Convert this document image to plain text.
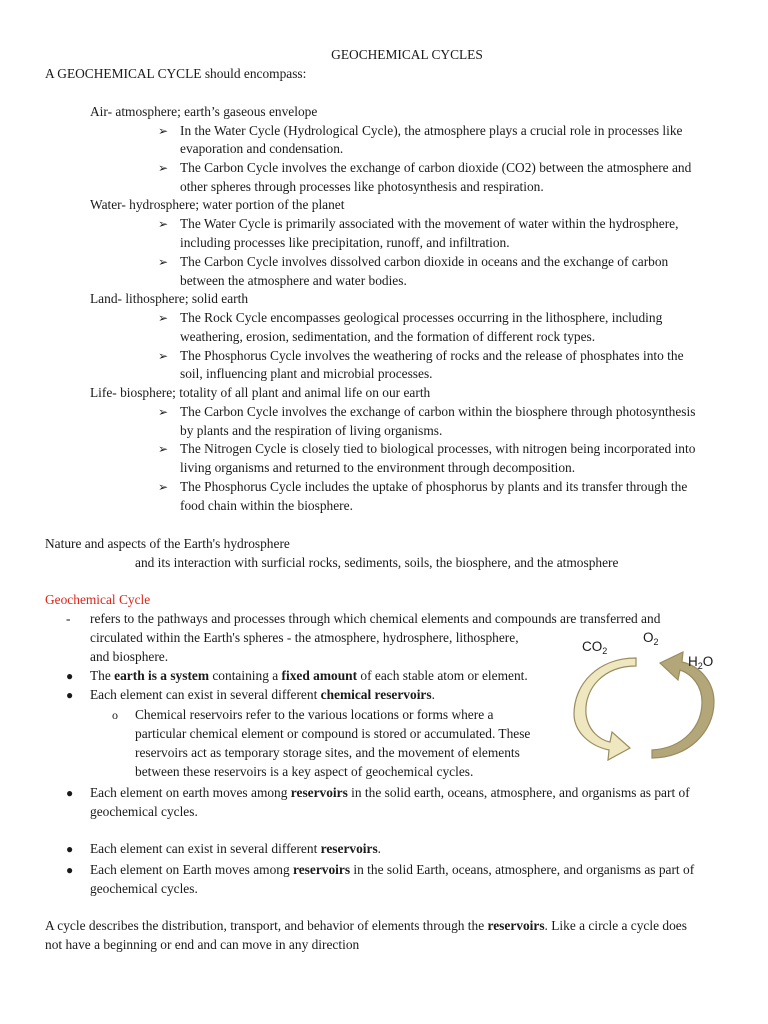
GEOCHEMICAL CYCLES
A GEOCHEMICAL CYCLE should encompass:
Air- atmosphere; earth’s gaseous envelope
➢ In the Water Cycle (Hydrological Cycle), the atmosphere plays a crucial role in processes like
evaporation and condensation.
➢ The Carbon Cycle involves the exchange of carbon dioxide (CO2) between the atmosphere and
other spheres through processes like photosynthesis and respiration.
Water- hydrosphere; water portion of the planet
➢ The Water Cycle is primarily associated with the movement of water within the hydrosphere,
including processes like precipitation, runoff, and infiltration.
➢ The Carbon Cycle involves dissolved carbon dioxide in oceans and the exchange of carbon
between the atmosphere and water bodies.
Land- lithosphere; solid earth
➢ The Rock Cycle encompasses geological processes occurring in the lithosphere, including
weathering, erosion, sedimentation, and the formation of different rock types.
➢ The Phosphorus Cycle involves the weathering of rocks and the release of phosphates into the
soil, influencing plant and microbial processes.
Life- biosphere; totality of all plant and animal life on our earth
➢ The Carbon Cycle involves the exchange of carbon within the biosphere through photosynthesis
by plants and the respiration of living organisms.
➢ The Nitrogen Cycle is closely tied to biological processes, with nitrogen being incorporated into
living organisms and returned to the environment through decomposition.
➢ The Phosphorus Cycle includes the uptake of phosphorus by plants and its transfer through the
food chain within the biosphere.
Nature and aspects of the Earth's hydrosphere
and its interaction with surficial rocks, sediments, soils, the biosphere, and the atmosphere
Geochemical Cycle
- refers to the pathways and processes through which chemical elements and compounds are transferred and
circulated within the Earth's spheres - the atmosphere, hydrosphere, lithosphere,
and biosphere.
● The earth is a system containing a fixed amount of each stable atom or element.
● Each element can exist in several different chemical reservoirs.
o Chemical reservoirs refer to the various locations or forms where a
particular chemical element or compound is stored or accumulated. These
reservoirs act as temporary storage sites, and the movement of elements
between these reservoirs is a key aspect of geochemical cycles.
● Each element on earth moves among reservoirs in the solid earth, oceans, atmosphere, and organisms as part of
geochemical cycles.
● Each element can exist in several different reservoirs.
● Each element on Earth moves among reservoirs in the solid Earth, oceans, atmosphere, and organisms as part of
geochemical cycles.
A cycle describes the distribution, transport, and behavior of elements through the reservoirs. Like a circle a cycle does
not have a beginning or end and can move in any direction
$CO_2$
$O_2$
$H_2O$
